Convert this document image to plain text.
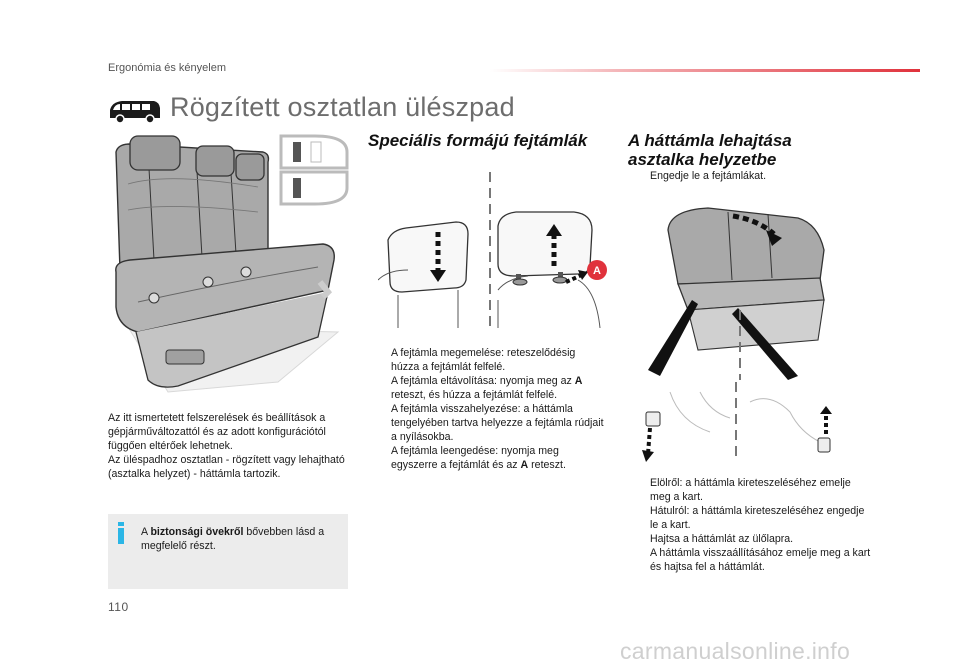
Ergonómia és kényelem
Rögzített osztatlan ülészpad
A
Speciális formájú fejtámlák	A háttámla lehajtása
asztalka helyzetbe
A fejtámla megemelése: reteszelődésig húzza a fejtámlát felfelé.
A fejtámla eltávolítása: nyomja meg az A reteszt, és húzza a fejtámlát felfelé.
A fejtámla visszahelyezése: a háttámla tengelyében tartva helyezze a fejtámla rúdjait a nyílásokba.
A fejtámla leengedése: nyomja meg egyszerre a fejtámlát és az A reteszt.
Engedje le a fejtámlákat.
Elölről: a háttámla kireteszeléséhez emelje meg a kart.
Hátulról: a háttámla kireteszeléséhez engedje le a kart.
Hajtsa a háttámlát az ülőlapra.
A háttámla visszaállításához emelje meg a kart és hajtsa fel a háttámlát.
Az itt ismertetett felszerelések és beállítások a gépjárműváltozattól és az adott konfigurációtól függően eltérőek lehetnek.
Az üléspadhoz osztatlan - rögzített vagy lehajtható (asztalka helyzet) - háttámla tartozik.
A biztonsági övekről bővebben lásd a megfelelő részt.
110
carmanualsonline.info
